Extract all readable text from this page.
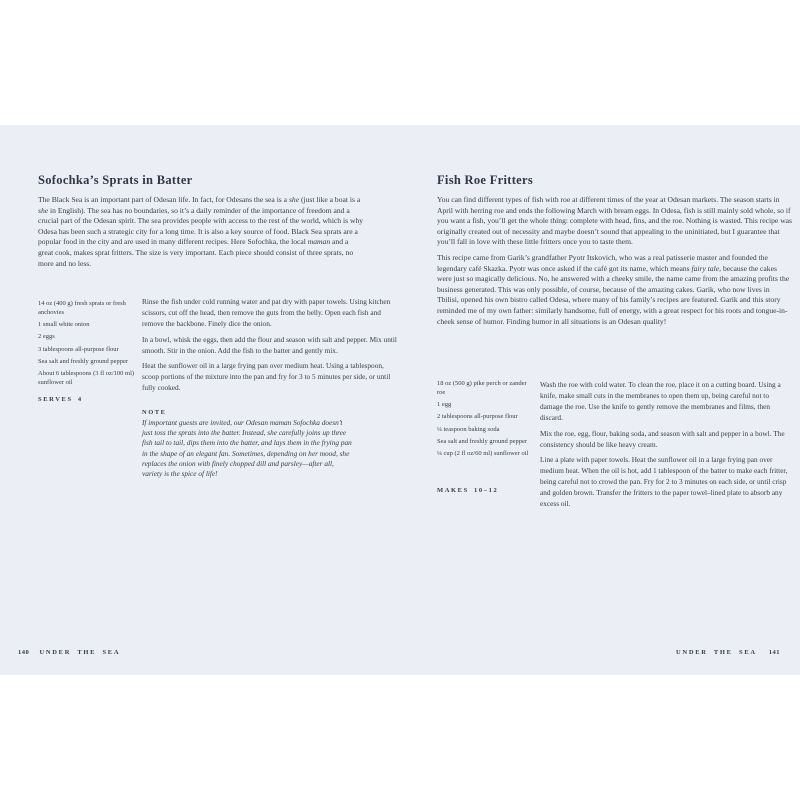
Sofochka’s Sprats in Batter

The Black Sea is an important part of Odesan life. In fact, for Odesans the sea is a she (just like a boat is a she in English). The sea has no boundaries, so it’s a daily reminder of the importance of freedom and a crucial part of the Odesan spirit. The sea provides people with access to the rest of the world, which is why Odesa has been such a strategic city for a long time. It is also a key source of food. Black Sea sprats are a popular food in the city and are used in many different recipes. Here Sofochka, the local maman and a great cook, makes sprat fritters. The size is very important. Each piece should consist of three sprats, no more and no less.

14 oz (400 g) fresh sprats or fresh anchovies
1 small white onion
2 eggs
3 tablespoons all-purpose flour
Sea salt and freshly ground pepper
About 6 tablespoons (3 fl oz/100 ml) sunflower oil
SERVES 4

Rinse the fish under cold running water and pat dry with paper towels. Using kitchen scissors, cut off the head, then remove the guts from the belly. Open each fish and remove the backbone. Finely dice the onion.

In a bowl, whisk the eggs, then add the flour and season with salt and pepper. Mix until smooth. Stir in the onion. Add the fish to the batter and gently mix.

Heat the sunflower oil in a large frying pan over medium heat. Using a tablespoon, scoop portions of the mixture into the pan and fry for 3 to 5 minutes per side, or until fully cooked.

NOTE

If important guests are invited, our Odesan maman Sofochka doesn’t just toss the sprats into the batter. Instead, she carefully joins up three fish tail to tail, dips them into the batter, and lays them in the frying pan in the shape of an elegant fan. Sometimes, depending on her mood, she replaces the onion with finely chopped dill and parsley—after all, variety is the spice of life!

140 UNDER THE SEA
Fish Roe Fritters

You can find different types of fish with roe at different times of the year at Odesan markets. The season starts in April with herring roe and ends the following March with bream eggs. In Odesa, fish is still mainly sold whole, so if you want a fish, you’ll get the whole thing: complete with head, fins, and the roe. Nothing is wasted. This recipe was originally created out of necessity and maybe doesn’t sound that appealing to the uninitiated, but I guarantee that you’ll fall in love with these little fritters once you to taste them.

This recipe came from Garik’s grandfather Pyotr Itskovich, who was a real patisserie master and founded the legendary café Skazka. Pyotr was once asked if the café got its name, which means fairy tale, because the cakes were just so magically delicious. No, he answered with a cheeky smile, the name came from the amazing profits the business generated. This was only possible, of course, because of the amazing cakes. Garik, who now lives in Tbilisi, opened his own bistro called Odesa, where many of his family’s recipes are featured. Garik and this story reminded me of my own father: similarly handsome, full of energy, with a great respect for his roots and tongue-in-cheek sense of humor. Finding humor in all situations is an Odesan quality!

18 oz (500 g) pike perch or zander roe
1 egg
2 tablespoons all-purpose flour
¼ teaspoon baking soda
Sea salt and freshly ground pepper
¼ cup (2 fl oz/60 ml) sunflower oil
MAKES 10–12

Wash the roe with cold water. To clean the roe, place it on a cutting board. Using a knife, make small cuts in the membranes to open them up, being careful not to damage the roe. Use the knife to gently remove the membranes and films, then discard.

Mix the roe, egg, flour, baking soda, and season with salt and pepper in a bowl. The consistency should be like heavy cream.

Line a plate with paper towels. Heat the sunflower oil in a large frying pan over medium heat. When the oil is hot, add 1 tablespoon of the batter to make each fritter, being careful not to crowd the pan. Fry for 2 to 3 minutes on each side, or until crisp and golden brown. Transfer the fritters to the paper towel–lined plate to absorb any excess oil.

UNDER THE SEA 141
